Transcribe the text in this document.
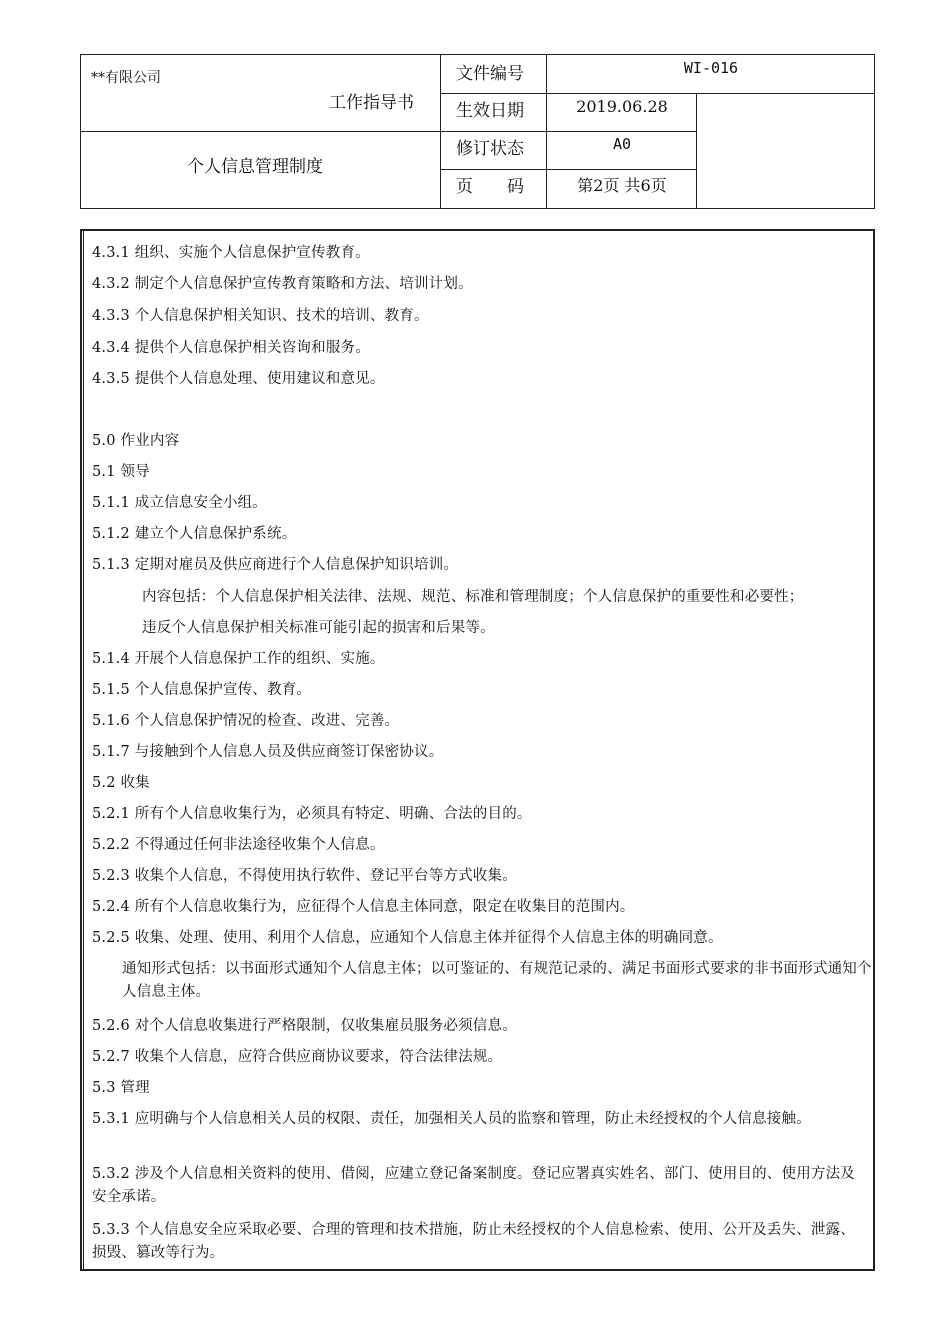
**有限公司
工作指导书
个人信息管理制度
文件编号	WI-016
生效日期	2019.06.28
修订状态	A0
页　　码	第2页 共6页
4.3.1 组织、实施个人信息保护宣传教育。
4.3.2 制定个人信息保护宣传教育策略和方法、培训计划。
4.3.3 个人信息保护相关知识、技术的培训、教育。
4.3.4 提供个人信息保护相关咨询和服务。
4.3.5 提供个人信息处理、使用建议和意见。
5.0 作业内容
5.1 领导
5.1.1 成立信息安全小组。
5.1.2 建立个人信息保护系统。
5.1.3 定期对雇员及供应商进行个人信息保护知识培训。
内容包括：个人信息保护相关法律、法规、规范、标准和管理制度；个人信息保护的重要性和必要性；
违反个人信息保护相关标准可能引起的损害和后果等。
5.1.4 开展个人信息保护工作的组织、实施。
5.1.5 个人信息保护宣传、教育。
5.1.6 个人信息保护情况的检查、改进、完善。
5.1.7 与接触到个人信息人员及供应商签订保密协议。
5.2 收集
5.2.1 所有个人信息收集行为，必须具有特定、明确、合法的目的。
5.2.2 不得通过任何非法途径收集个人信息。
5.2.3 收集个人信息，不得使用执行软件、登记平台等方式收集。
5.2.4 所有个人信息收集行为，应征得个人信息主体同意，限定在收集目的范围内。
5.2.5 收集、处理、使用、利用个人信息，应通知个人信息主体并征得个人信息主体的明确同意。
通知形式包括：以书面形式通知个人信息主体；以可鉴证的、有规范记录的、满足书面形式要求的非书面形式通知个人信息主体。
5.2.6 对个人信息收集进行严格限制，仅收集雇员服务必须信息。
5.2.7 收集个人信息，应符合供应商协议要求，符合法律法规。
5.3 管理
5.3.1 应明确与个人信息相关人员的权限、责任，加强相关人员的监察和管理，防止未经授权的个人信息接触。
5.3.2 涉及个人信息相关资料的使用、借阅，应建立登记备案制度。登记应署真实姓名、部门、使用目的、使用方法及安全承诺。
5.3.3 个人信息安全应采取必要、合理的管理和技术措施，防止未经授权的个人信息检索、使用、公开及丢失、泄露、损毁、篡改等行为。
